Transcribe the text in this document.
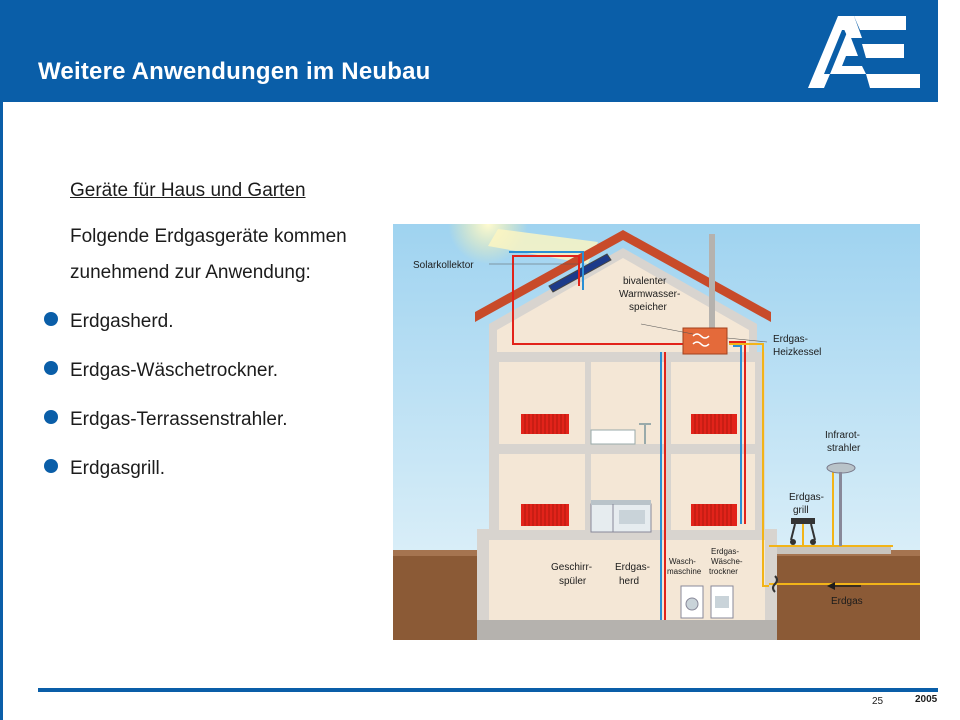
Weitere Anwendungen im Neubau
Geräte für Haus und Garten
Folgende Erdgasgeräte kommen
zunehmend zur Anwendung:
Erdgasherd.
Erdgas-Wäschetrockner.
Erdgas-Terrassenstrahler.
Erdgasgrill.
Solarkollektor
bivalenter
Warmwasser-
speicher
Erdgas-
Heizkessel
Infrarot-
strahler
Erdgas-
grill
Geschirr-
spüler
Erdgas-
herd
Wasch-
maschine
Erdgas-
Wäsche-
trockner
Erdgas
25	2005
